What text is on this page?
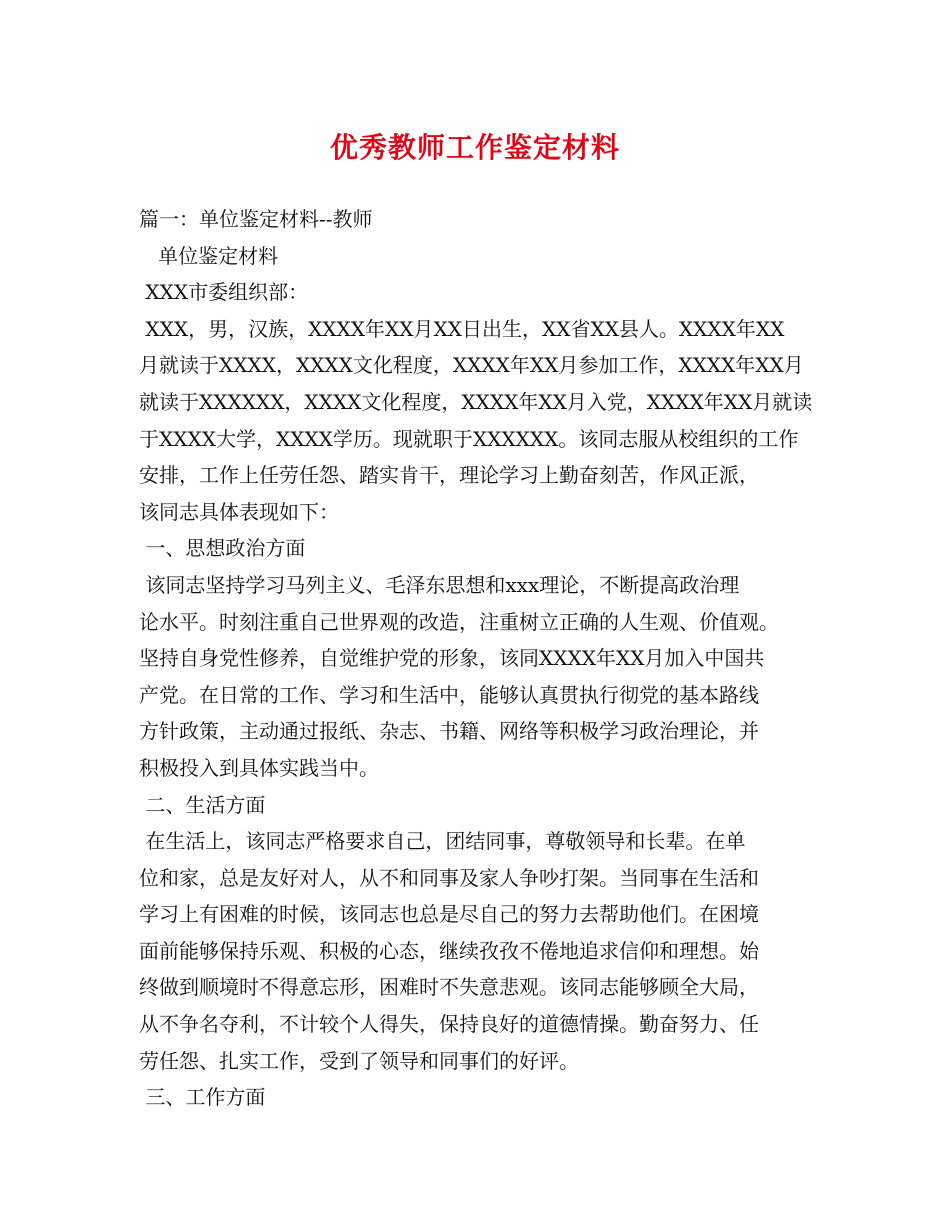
优秀教师工作鉴定材料
篇一：单位鉴定材料--教师
单位鉴定材料
XXX市委组织部：
XXX，男，汉族，XXXX年XX月XX日出生，XX省XX县人。XXXX年XX
月就读于XXXX，XXXX文化程度，XXXX年XX月参加工作，XXXX年XX月
就读于XXXXXX，XXXX文化程度，XXXX年XX月入党，XXXX年XX月就读
于XXXX大学，XXXX学历。现就职于XXXXXX。该同志服从校组织的工作
安排，工作上任劳任怨、踏实肯干，理论学习上勤奋刻苦，作风正派，
该同志具体表现如下：
一、思想政治方面
该同志坚持学习马列主义、毛泽东思想和xxx理论，不断提高政治理
论水平。时刻注重自己世界观的改造，注重树立正确的人生观、价值观。
坚持自身党性修养，自觉维护党的形象，该同XXXX年XX月加入中国共
产党。在日常的工作、学习和生活中，能够认真贯执行彻党的基本路线
方针政策，主动通过报纸、杂志、书籍、网络等积极学习政治理论，并
积极投入到具体实践当中。
二、生活方面
在生活上，该同志严格要求自己，团结同事，尊敬领导和长辈。在单
位和家，总是友好对人，从不和同事及家人争吵打架。当同事在生活和
学习上有困难的时候，该同志也总是尽自己的努力去帮助他们。在困境
面前能够保持乐观、积极的心态，继续孜孜不倦地追求信仰和理想。始
终做到顺境时不得意忘形，困难时不失意悲观。该同志能够顾全大局，
从不争名夺利，不计较个人得失，保持良好的道德情操。勤奋努力、任
劳任怨、扎实工作，受到了领导和同事们的好评。
三、工作方面
